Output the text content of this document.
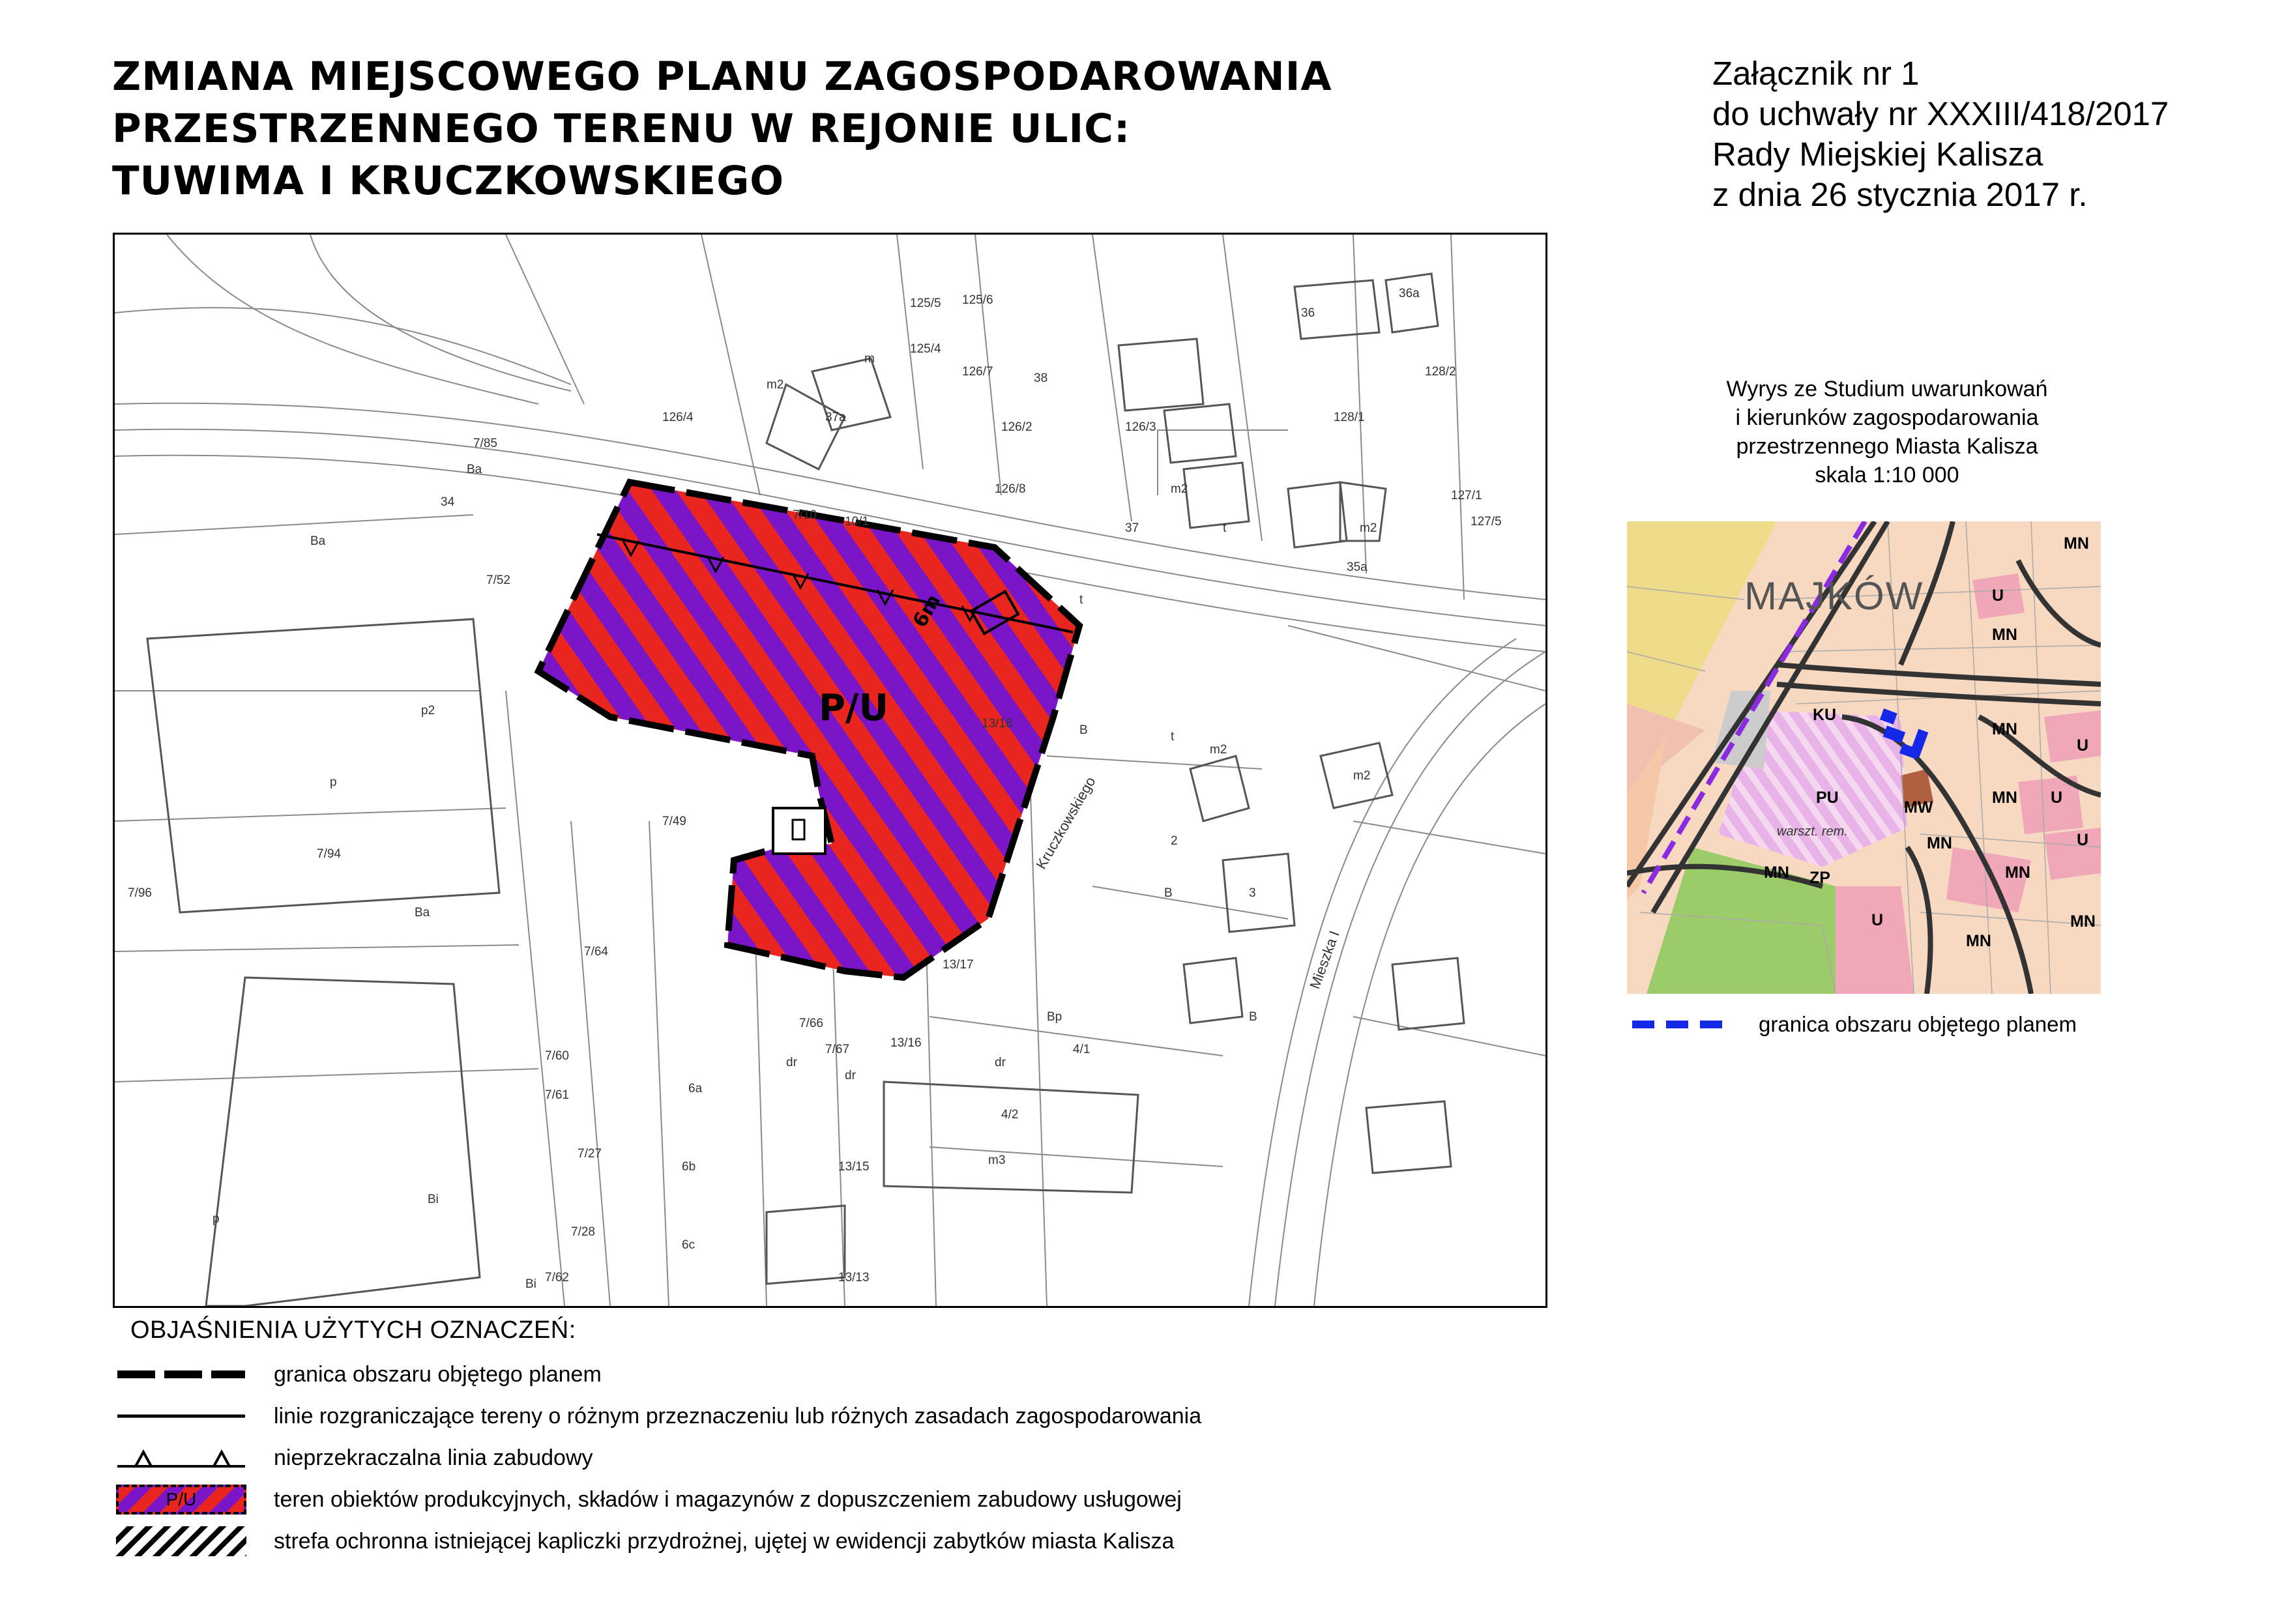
ZMIANA MIEJSCOWEGO PLANU ZAGOSPODAROWANIA
PRZESTRZENNEGO TERENU W REJONIE ULIC:
TUWIMA I KRUCZKOWSKIEGO
Załącznik nr 1
do uchwały nr XXXIII/418/2017
Rady Miejskiej Kalisza
z dnia 26 stycznia 2017 r.
P/U
6m
Kruczkowskiego
Mieszka I
Ba
Ba
p2
p
p
Ba
7/52
7/94
7/96
7/49
7/64
7/60
7/27
7/61
7/28
7/62
7/66
7/67
13/17
13/16
13/15
13/18
4/1
4/2
m3
m2
m2
m2
m2
m2
Bp
B
B
B
37a
37
38
36
36a
35a
34
126/4
126/3
126/2
126/7
126/8
125/4
125/5 125/6
128/1
128/2
127/1
127/5
10/1
7/10
7/85
2
3
Bi
Bi
6a
6b
6c
13/13
dr
dr
dr
m
t
t
t
Wyrys ze Studium uwarunkowań
i kierunków zagospodarowania
przestrzennego Miasta Kalisza
skala 1:10 000
MAJKÓW
MN
MN
MN
MN
MN
MN
MN
MN
MN
U
U
U
U
U
KU
PU
MW
ZP
warszt. rem.
granica obszaru objętego planem
OBJAŚNIENIA UŻYTYCH OZNACZEŃ:
granica obszaru objętego planem
linie rozgraniczające tereny o różnym przeznaczeniu lub różnych zasadach zagospodarowania
nieprzekraczalna linia zabudowy
P/U	teren obiektów produkcyjnych, składów i magazynów z dopuszczeniem zabudowy usługowej
strefa ochronna istniejącej kapliczki przydrożnej, ujętej w ewidencji zabytków miasta Kalisza
